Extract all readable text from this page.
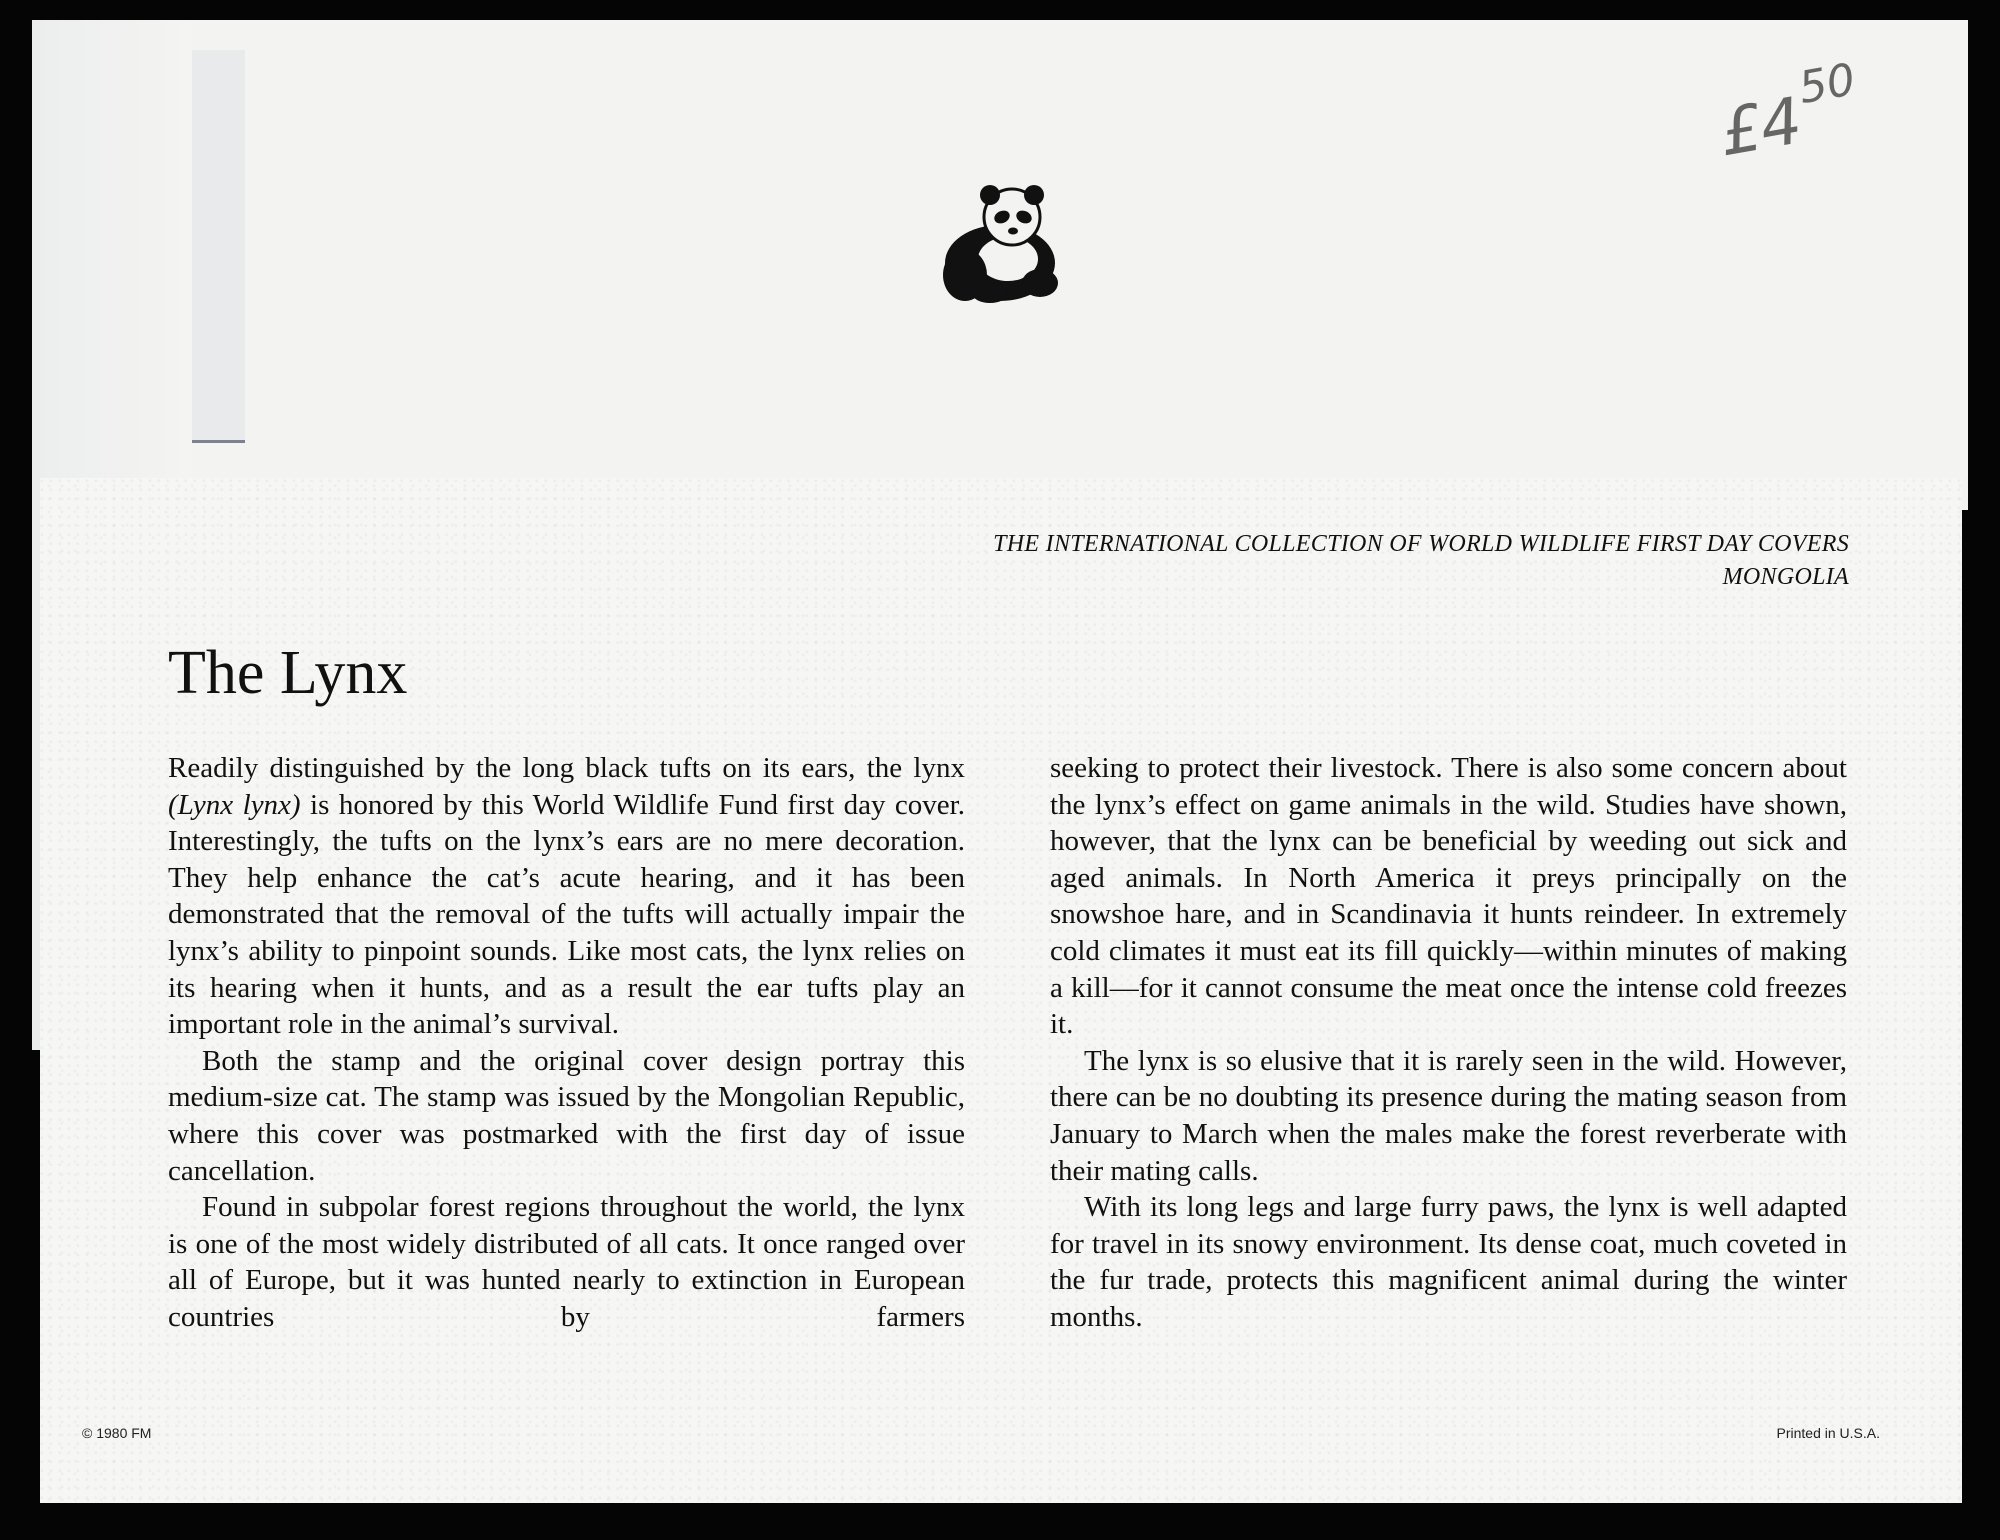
$£4^{50}$
THE INTERNATIONAL COLLECTION OF WORLD WILDLIFE FIRST DAY COVERS
MONGOLIA
The Lynx

Readily distinguished by the long black tufts on its ears, the lynx (Lynx lynx) is honored by this World Wildlife Fund first day cover. Interestingly, the tufts on the lynx’s ears are no mere decoration. They help enhance the cat’s acute hearing, and it has been demonstrated that the removal of the tufts will actually impair the lynx’s ability to pinpoint sounds. Like most cats, the lynx relies on its hearing when it hunts, and as a result the ear tufts play an important role in the animal’s survival.

Both the stamp and the original cover design portray this medium-size cat. The stamp was issued by the Mongolian Republic, where this cover was postmarked with the first day of issue cancellation.

Found in subpolar forest regions throughout the world, the lynx is one of the most widely distributed of all cats. It once ranged over all of Europe, but it was hunted nearly to extinction in European countries by farmers

seeking to protect their livestock. There is also some concern about the lynx’s effect on game animals in the wild. Studies have shown, however, that the lynx can be beneficial by weeding out sick and aged animals. In North America it preys principally on the snowshoe hare, and in Scandinavia it hunts reindeer. In extremely cold climates it must eat its fill quickly—within minutes of making a kill—for it cannot consume the meat once the intense cold freezes it.

The lynx is so elusive that it is rarely seen in the wild. However, there can be no doubting its presence during the mating season from January to March when the males make the forest reverberate with their mating calls.

With its long legs and large furry paws, the lynx is well adapted for travel in its snowy environment. Its dense coat, much coveted in the fur trade, protects this magnificent animal during the winter months.

© 1980 FM	Printed in U.S.A.
